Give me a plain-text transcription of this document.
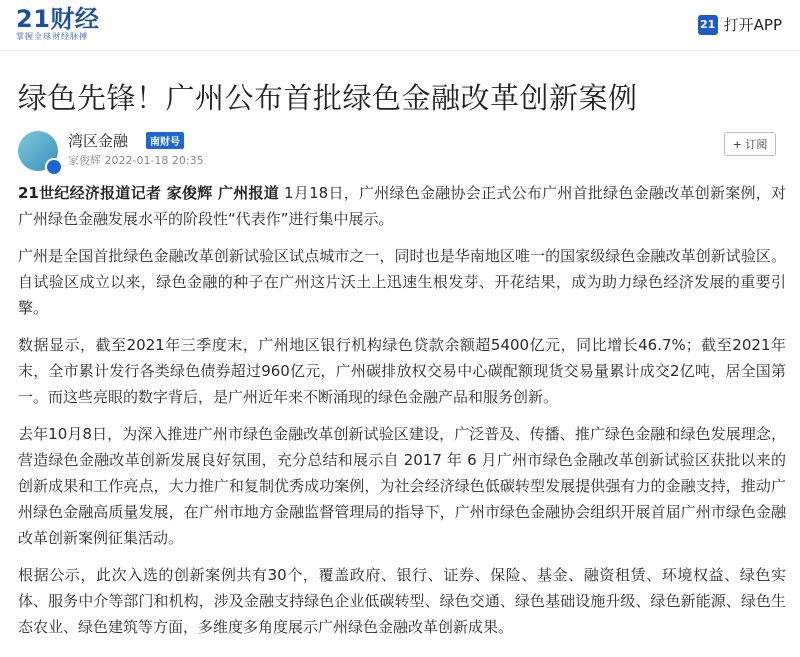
21财经
掌握全球财经脉搏
21 打开APP
绿色先锋！广州公布首批绿色金融改革创新案例
湾区金融	南财号
家俊辉 2022-01-18 20:35
+ 订阅

21世纪经济报道记者 家俊辉 广州报道 1月18日，广州绿色金融协会正式公布广州首批绿色金融改革创新案例，对广州绿色金融发展水平的阶段性“代表作”进行集中展示。

广州是全国首批绿色金融改革创新试验区试点城市之一，同时也是华南地区唯一的国家级绿色金融改革创新试验区。自试验区成立以来，绿色金融的种子在广州这片沃土上迅速生根发芽、开花结果，成为助力绿色经济发展的重要引擎。

数据显示，截至2021年三季度末，广州地区银行机构绿色贷款余额超5400亿元，同比增长46.7%；截至2021年末，全市累计发行各类绿色债券超过960亿元，广州碳排放权交易中心碳配额现货交易量累计成交2亿吨，居全国第一。而这些亮眼的数字背后，是广州近年来不断涌现的绿色金融产品和服务创新。

去年10月8日，为深入推进广州市绿色金融改革创新试验区建设，广泛普及、传播、推广绿色金融和绿色发展理念，营造绿色金融改革创新发展良好氛围，充分总结和展示自 2017 年 6 月广州市绿色金融改革创新试验区获批以来的创新成果和工作亮点，大力推广和复制优秀成功案例，为社会经济绿色低碳转型发展提供强有力的金融支持，推动广州绿色金融高质量发展，在广州市地方金融监督管理局的指导下，广州市绿色金融协会组织开展首届广州市绿色金融改革创新案例征集活动。

根据公示，此次入选的创新案例共有30个，覆盖政府、银行、证券、保险、基金、融资租赁、环境权益、绿色实体、服务中介等部门和机构，涉及金融支持绿色企业低碳转型、绿色交通、绿色基础设施升级、绿色新能源、绿色生态农业、绿色建筑等方面，多维度多角度展示广州绿色金融改革创新成果。
